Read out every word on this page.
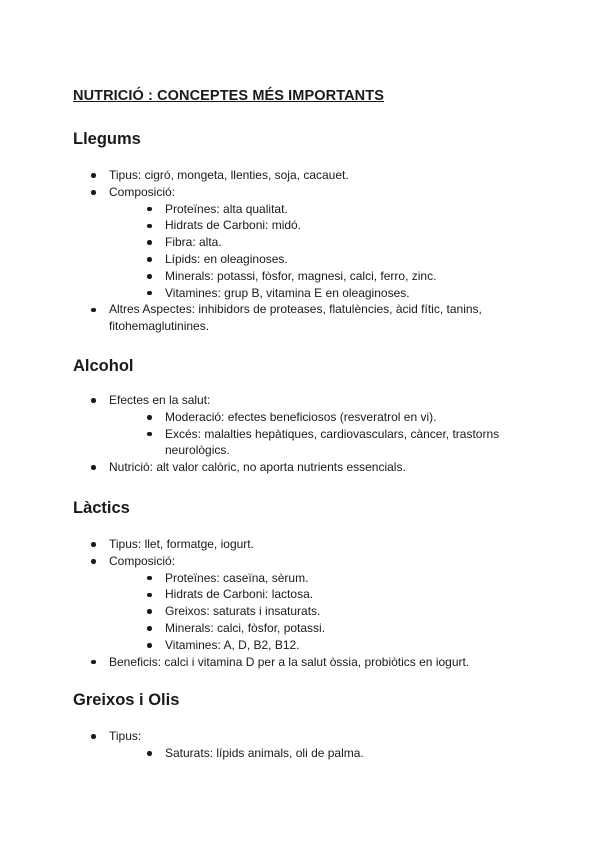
NUTRICIÓ : CONCEPTES MÉS IMPORTANTS
Llegums
Tipus: cigró, mongeta, llenties, soja, cacauet.
Composició:
Proteïnes: alta qualitat.
Hidrats de Carboni: midó.
Fibra: alta.
Lípids: en oleaginoses.
Minerals: potassi, fòsfor, magnesi, calci, ferro, zinc.
Vitamines: grup B, vitamina E en oleaginoses.
Altres Aspectes: inhibidors de proteases, flatulències, àcid fític, tanins, fitohemaglutinines.
Alcohol
Efectes en la salut:
Moderació: efectes beneficiosos (resveratrol en vi).
Excés: malalties hepàtiques, cardiovasculars, càncer, trastorns neurològics.
Nutrició: alt valor calòric, no aporta nutrients essencials.
Làctics
Tipus: llet, formatge, iogurt.
Composició:
Proteïnes: caseïna, sèrum.
Hidrats de Carboni: lactosa.
Greixos: saturats i insaturats.
Minerals: calci, fòsfor, potassi.
Vitamines: A, D, B2, B12.
Beneficis: calci i vitamina D per a la salut òssia, probiòtics en iogurt.
Greixos i Olis
Tipus:
Saturats: lípids animals, oli de palma.
